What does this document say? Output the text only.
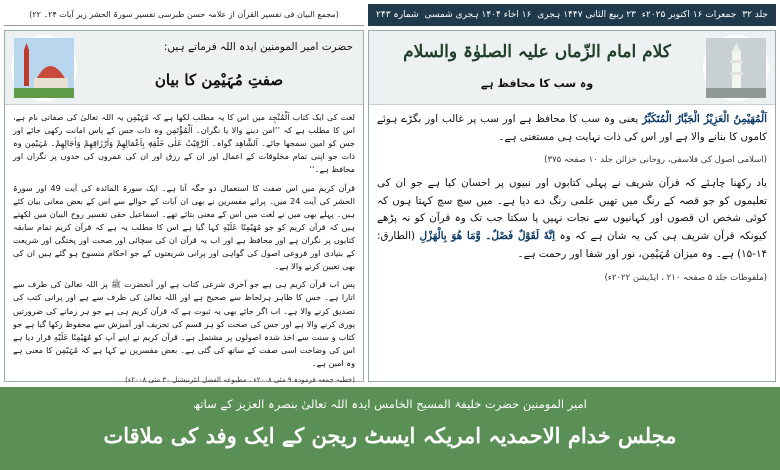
جلد ۳۲
جمعرات ۱۶ اکتوبر ۲۰۲۵ء
۲۳ ربیع الثانی ۱۴۴۷ ہجری
۱۶ اخاء ۱۴۰۴ ہجری شمسی
شمارہ ۲۴۳
(مجمع البیان فی تفسیر القرآن از علامہ حسن طبرسی تفسیر سورۃ الحشر زیر آیات ۲۴۔ ۲۲)
کلام امام الزّماں علیہ الصلوٰۃ والسلام
وہ سب کا محافظ ہے

اَلْمُهَيْمِنُ الْعَزِيْزُ الْجَبَّارُ الْمُتَكَبِّرُ یعنی وہ سب کا محافظ ہے اور سب پر غالب اور بگڑے ہوئے کاموں کا بنانے والا ہے اور اس کی ذات نہایت ہی مستغنی ہے۔

(اسلامی اصول کی فلاسفی، روحانی خزائن جلد ۱۰ صفحہ ۳۷۵)

یاد رکھنا چاہئے کہ قرآن شریف نے پہلی کتابوں اور نبیوں پر احسان کیا ہے جو ان کی تعلیموں کو جو قصہ کے رنگ میں تھیں علمی رنگ دے دیا ہے۔ میں سچ سچ کہتا ہوں کہ کوئی شخص ان قصوں اور کہانیوں سے نجات نہیں پا سکتا جب تک وہ قرآن کو نہ پڑھے کیونکہ قرآن شریف ہی کی یہ شان ہے کہ وہ اِنَّهٗ لَقَوْلٌ فَصْلٌ۔ وَّمَا هُوَ بِالْهَزْلِ (الطارق: ۱۴-۱۵) ہے۔ وہ میزان مُہَیْمِن، نور اور شفا اور رحمت ہے۔

(ملفوظات جلد ۵ صفحہ ۲۱۰ ، ایڈیشن ۲۰۲۲ء)

حضرت امیر المومنین ایدہ اللہ فرماتے ہیں:
صفتِ مُہَیْمِن کا بیان

لغت کی ایک کتاب اَلْمُنْجِد میں اس کا یہ مطلب لکھا ہے کہ مُہَیْمِن یہ اللہ تعالیٰ کی صفاتی نام ہے، اس کا مطلب ہے کہ ’’امن دینے والا یا نگران۔ اَلْمُؤْتَمِن وہ ذات جس کے پاس امانت رکھی جائے اور جس کو امین سمجھا جائے۔ اَلشَّاهِد گواہ۔ اَلرَّقِيْبُ عَلٰى خَلْقِهٖ بِاَعْمَالِهِمْ وَاَرْزَاقِهِمْ وَاٰجَالِهِمْ۔ مُہَیْمِن وہ ذات جو اپنی تمام مخلوقات کے اعمال اور ان کے رزق اور ان کی عمروں کی حدوں پر نگران اور محافظ ہے۔‘‘

قرآن کریم میں اس صفت کا استعمال دو جگہ آتا ہے۔ ایک سورۃ المائدہ کی آیت 49 اور سورۃ الحشر کی آیت 24 میں۔ پرانے مفسرین نے بھی ان آیات کے حوالے سے اس کے بعض معانی بیان کئے ہیں۔ پہلے بھی میں نے لغت میں اس کے معنی بتائے تھے۔ اسماعیل حقی تفسیر روح البیان میں لکھتے ہیں کہ قرآن کریم کو جو مُهَيْمِنًا عَلَيْهِ کہا گیا ہے اس کا مطلب یہ ہے کہ قرآن کریم تمام سابقہ کتابوں پر نگران ہے اور محافظ ہے اور اب یہ قرآن ان کی سچائی اور صحت اور پختگی اور شریعت کے بنیادی اور فروعی اصول کی گواہی اور پرانی شریعتوں کے جو احکام منسوخ ہو گئے ہیں ان کی بھی تعیین کرنے والا ہے۔

پس اب قرآن کریم ہی ہے جو آخری شرعی کتاب ہے اور آنحضرت ﷺ پر اللہ تعالیٰ کی طرف سے اتارا ہے۔ جس کا ظاہر ہرلحاظ سے صحیح ہے اور اللہ تعالیٰ کی طرف سے ہے اور پرانی کتب کی تصدیق کرنے والا ہے۔ اب اگر جائے بھی یہ ثبوت ہے کہ قرآن کریم ہی ہے جو ہر زمانے کی ضرورتیں پوری کرنے والا ہے اور جس کی صحت کو ہر قسم کی تحریف اور آمیزش سے محفوظ رکھا گیا ہے جو کتاب و سنت سے اخذ شدہ اصولوں پر مشتمل ہے۔ قرآن کریم نے اپنے آپ کو مُهَيْمِنًا عَلَيْهِ قرار دیا ہے اس کی وضاحت اسی صفت کے ساتھ کی گئی ہے۔ بعض مفسرین نے کہا ہے کہ مُہَیْمِن کا معنی ہے وہ امین ہے۔

(خطبہ جمعہ فرمودہ ۹ مئی ۲۰۰۸ء ، مطبوعہ الفضل انٹرنیشنل ۳۰ مئی ۲۰۰۸ء)

امیر المومنین حضرت خلیفۃ المسیح الخامس ایدہ اللہ تعالیٰ بنصرہ العزیز کے ساتھ
مجلس خدام الاحمدیہ امریکہ ایسٹ ریجن کے ایک وفد کی ملاقات
